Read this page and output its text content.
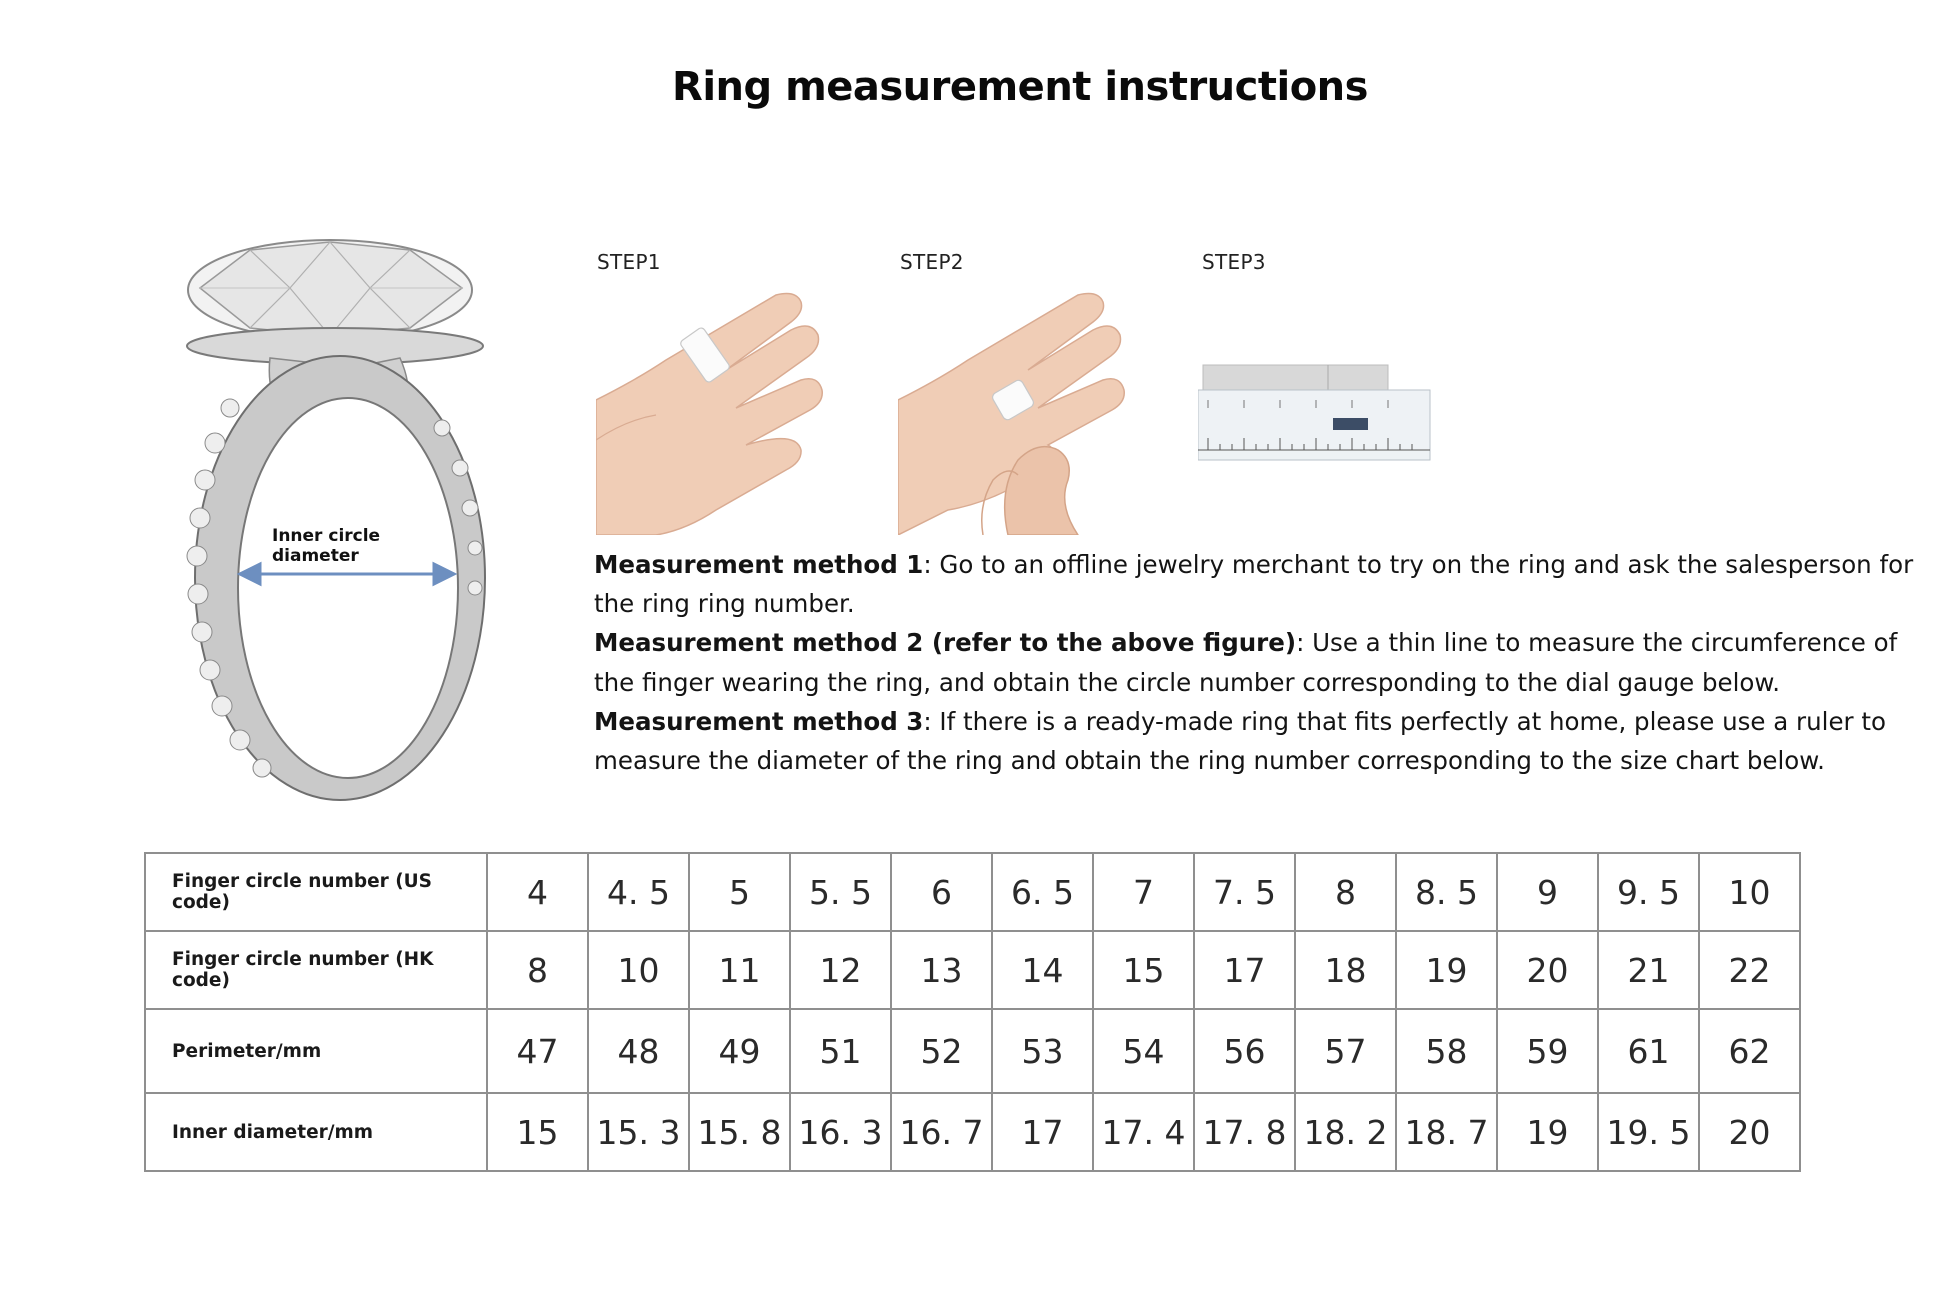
Ring measurement instructions
Inner circle
diameter
STEP1	STEP2	STEP3

Measurement method 1: Go to an offline jewelry merchant to try on the ring and ask the salesperson for the ring ring number.

Measurement method 2 (refer to the above figure): Use a thin line to measure the circumference of the finger wearing the ring, and obtain the circle number corresponding to the dial gauge below.

Measurement method 3: If there is a ready-made ring that fits perfectly at home, please use a ruler to measure the diameter of the ring and obtain the ring number corresponding to the size chart below.

Finger circle number (US code)	4	4. 5	5	5. 5	6	6. 5	7	7. 5	8	8. 5	9	9. 5	10
Finger circle number (HK code)	8	10	11	12	13	14	15	17	18	19	20	21	22
Perimeter/mm	47	48	49	51	52	53	54	56	57	58	59	61	62
Inner diameter/mm	15	15. 3	15. 8	16. 3	16. 7	17	17. 4	17. 8	18. 2	18. 7	19	19. 5	20
